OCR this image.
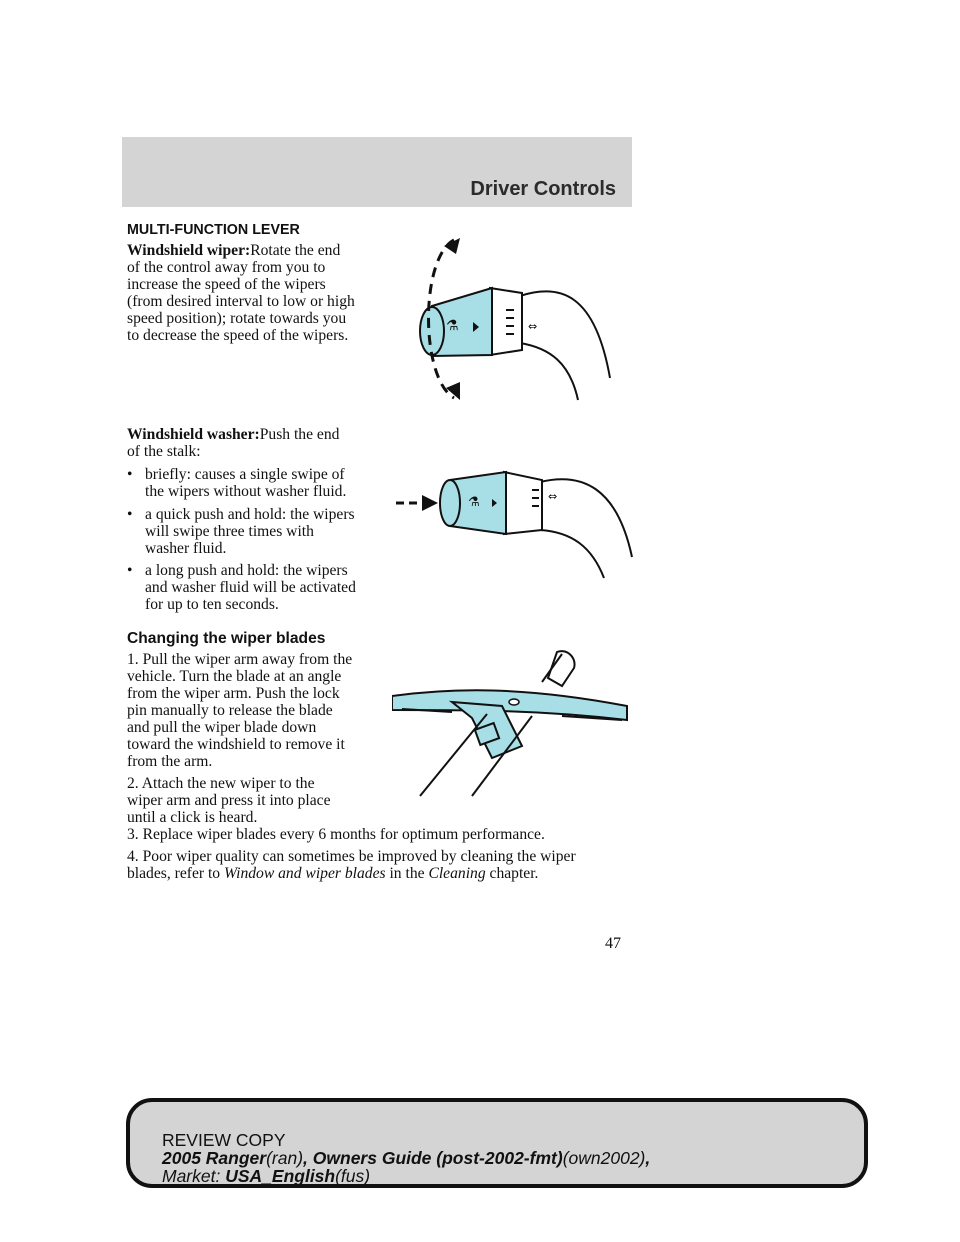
Driver Controls
MULTI-FUNCTION LEVER
Windshield wiper:Rotate the end
of the control away from you to
increase the speed of the wipers
(from desired interval to low or high
speed position); rotate towards you
to decrease the speed of the wipers.
⚗	⇔
Windshield washer:Push the end
of the stalk:
• briefly: causes a single swipe of
the wipers without washer fluid.
• a quick push and hold: the wipers
will swipe three times with
washer fluid.
• a long push and hold: the wipers
and washer fluid will be activated
for up to ten seconds.
⚗	⇔
Changing the wiper blades
1. Pull the wiper arm away from the
vehicle. Turn the blade at an angle
from the wiper arm. Push the lock
pin manually to release the blade
and pull the wiper blade down
toward the windshield to remove it
from the arm.
2. Attach the new wiper to the
wiper arm and press it into place
until a click is heard.
3. Replace wiper blades every 6 months for optimum performance.
4. Poor wiper quality can sometimes be improved by cleaning the wiper
blades, refer to Window and wiper blades in the Cleaning chapter.
47
REVIEW COPY
2005 Ranger(ran), Owners Guide (post-2002-fmt)(own2002),
Market: USA_English(fus)
